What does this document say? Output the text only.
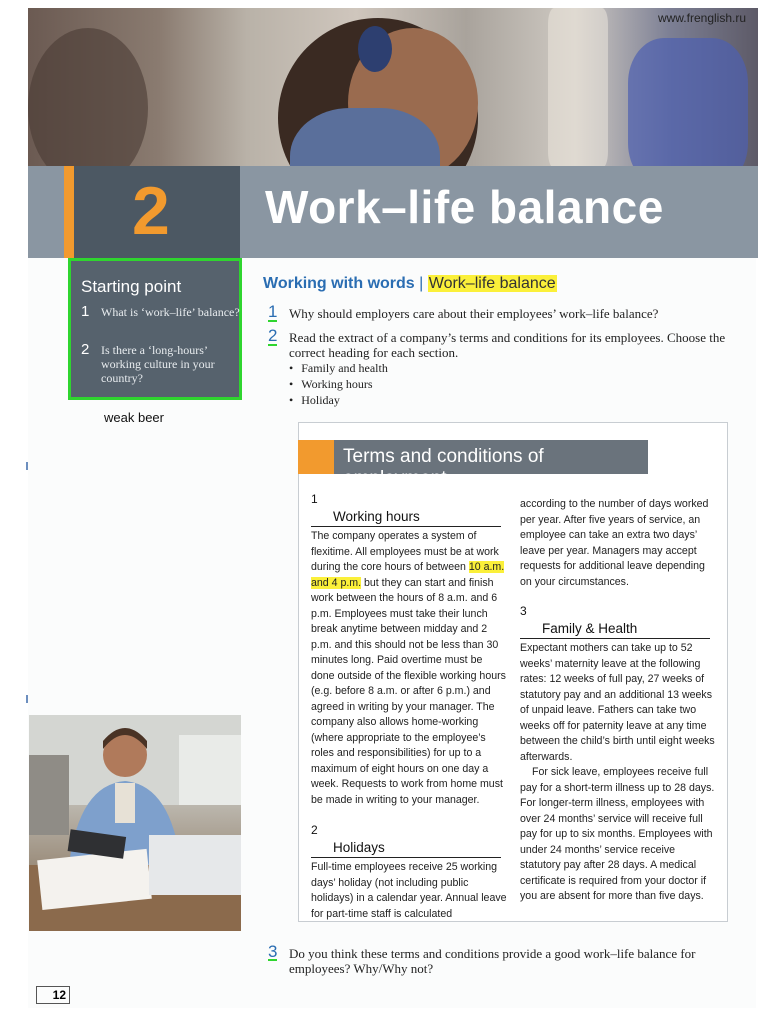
www.frenglish.ru
2 Work–life balance
Starting point
1 What is ‘work–life’ balance?
2 Is there a ‘long-hours’ working culture in your country?
weak beer
Working with words | Work–life balance
1 Why should employers care about their employees’ work–life balance?
2 Read the extract of a company’s terms and conditions for its employees. Choose the correct heading for each section.
• Family and health
• Working hours
• Holiday
Terms and conditions of employment

1Working hours

The company operates a system of flexitime. All employees must be at work during the core hours of between 10 a.m. and 4 p.m. but they can start and finish work between the hours of 8 a.m. and 6 p.m. Employees must take their lunch break anytime between midday and 2 p.m. and this should not be less than 30 minutes long. Paid overtime must be done outside of the flexible working hours (e.g. before 8 a.m. or after 6 p.m.) and agreed in writing by your manager. The company also allows home-working (where appropriate to the employee’s roles and responsibilities) for up to a maximum of eight hours on one day a week. Requests to work from home must be made in writing to your manager.

2Holidays

Full-time employees receive 25 working days’ holiday (not including public holidays) in a calendar year. Annual leave for part-time staff is calculated

according to the number of days worked per year. After five years of service, an employee can take an extra two days’ leave per year. Managers may accept requests for additional leave depending on your circumstances.

3Family & Health

Expectant mothers can take up to 52 weeks’ maternity leave at the following rates: 12 weeks of full pay, 27 weeks of statutory pay and an additional 13 weeks of unpaid leave. Fathers can take two weeks off for paternity leave at any time between the child’s birth until eight weeks afterwards.

For sick leave, employees receive full pay for a short-term illness up to 28 days. For longer-term illness, employees with over 24 months’ service will receive full pay for up to six months. Employees with under 24 months’ service receive statutory pay after 28 days. A medical certificate is required from your doctor if you are absent for more than five days.

3 Do you think these terms and conditions provide a good work–life balance for employees? Why/Why not?
12
